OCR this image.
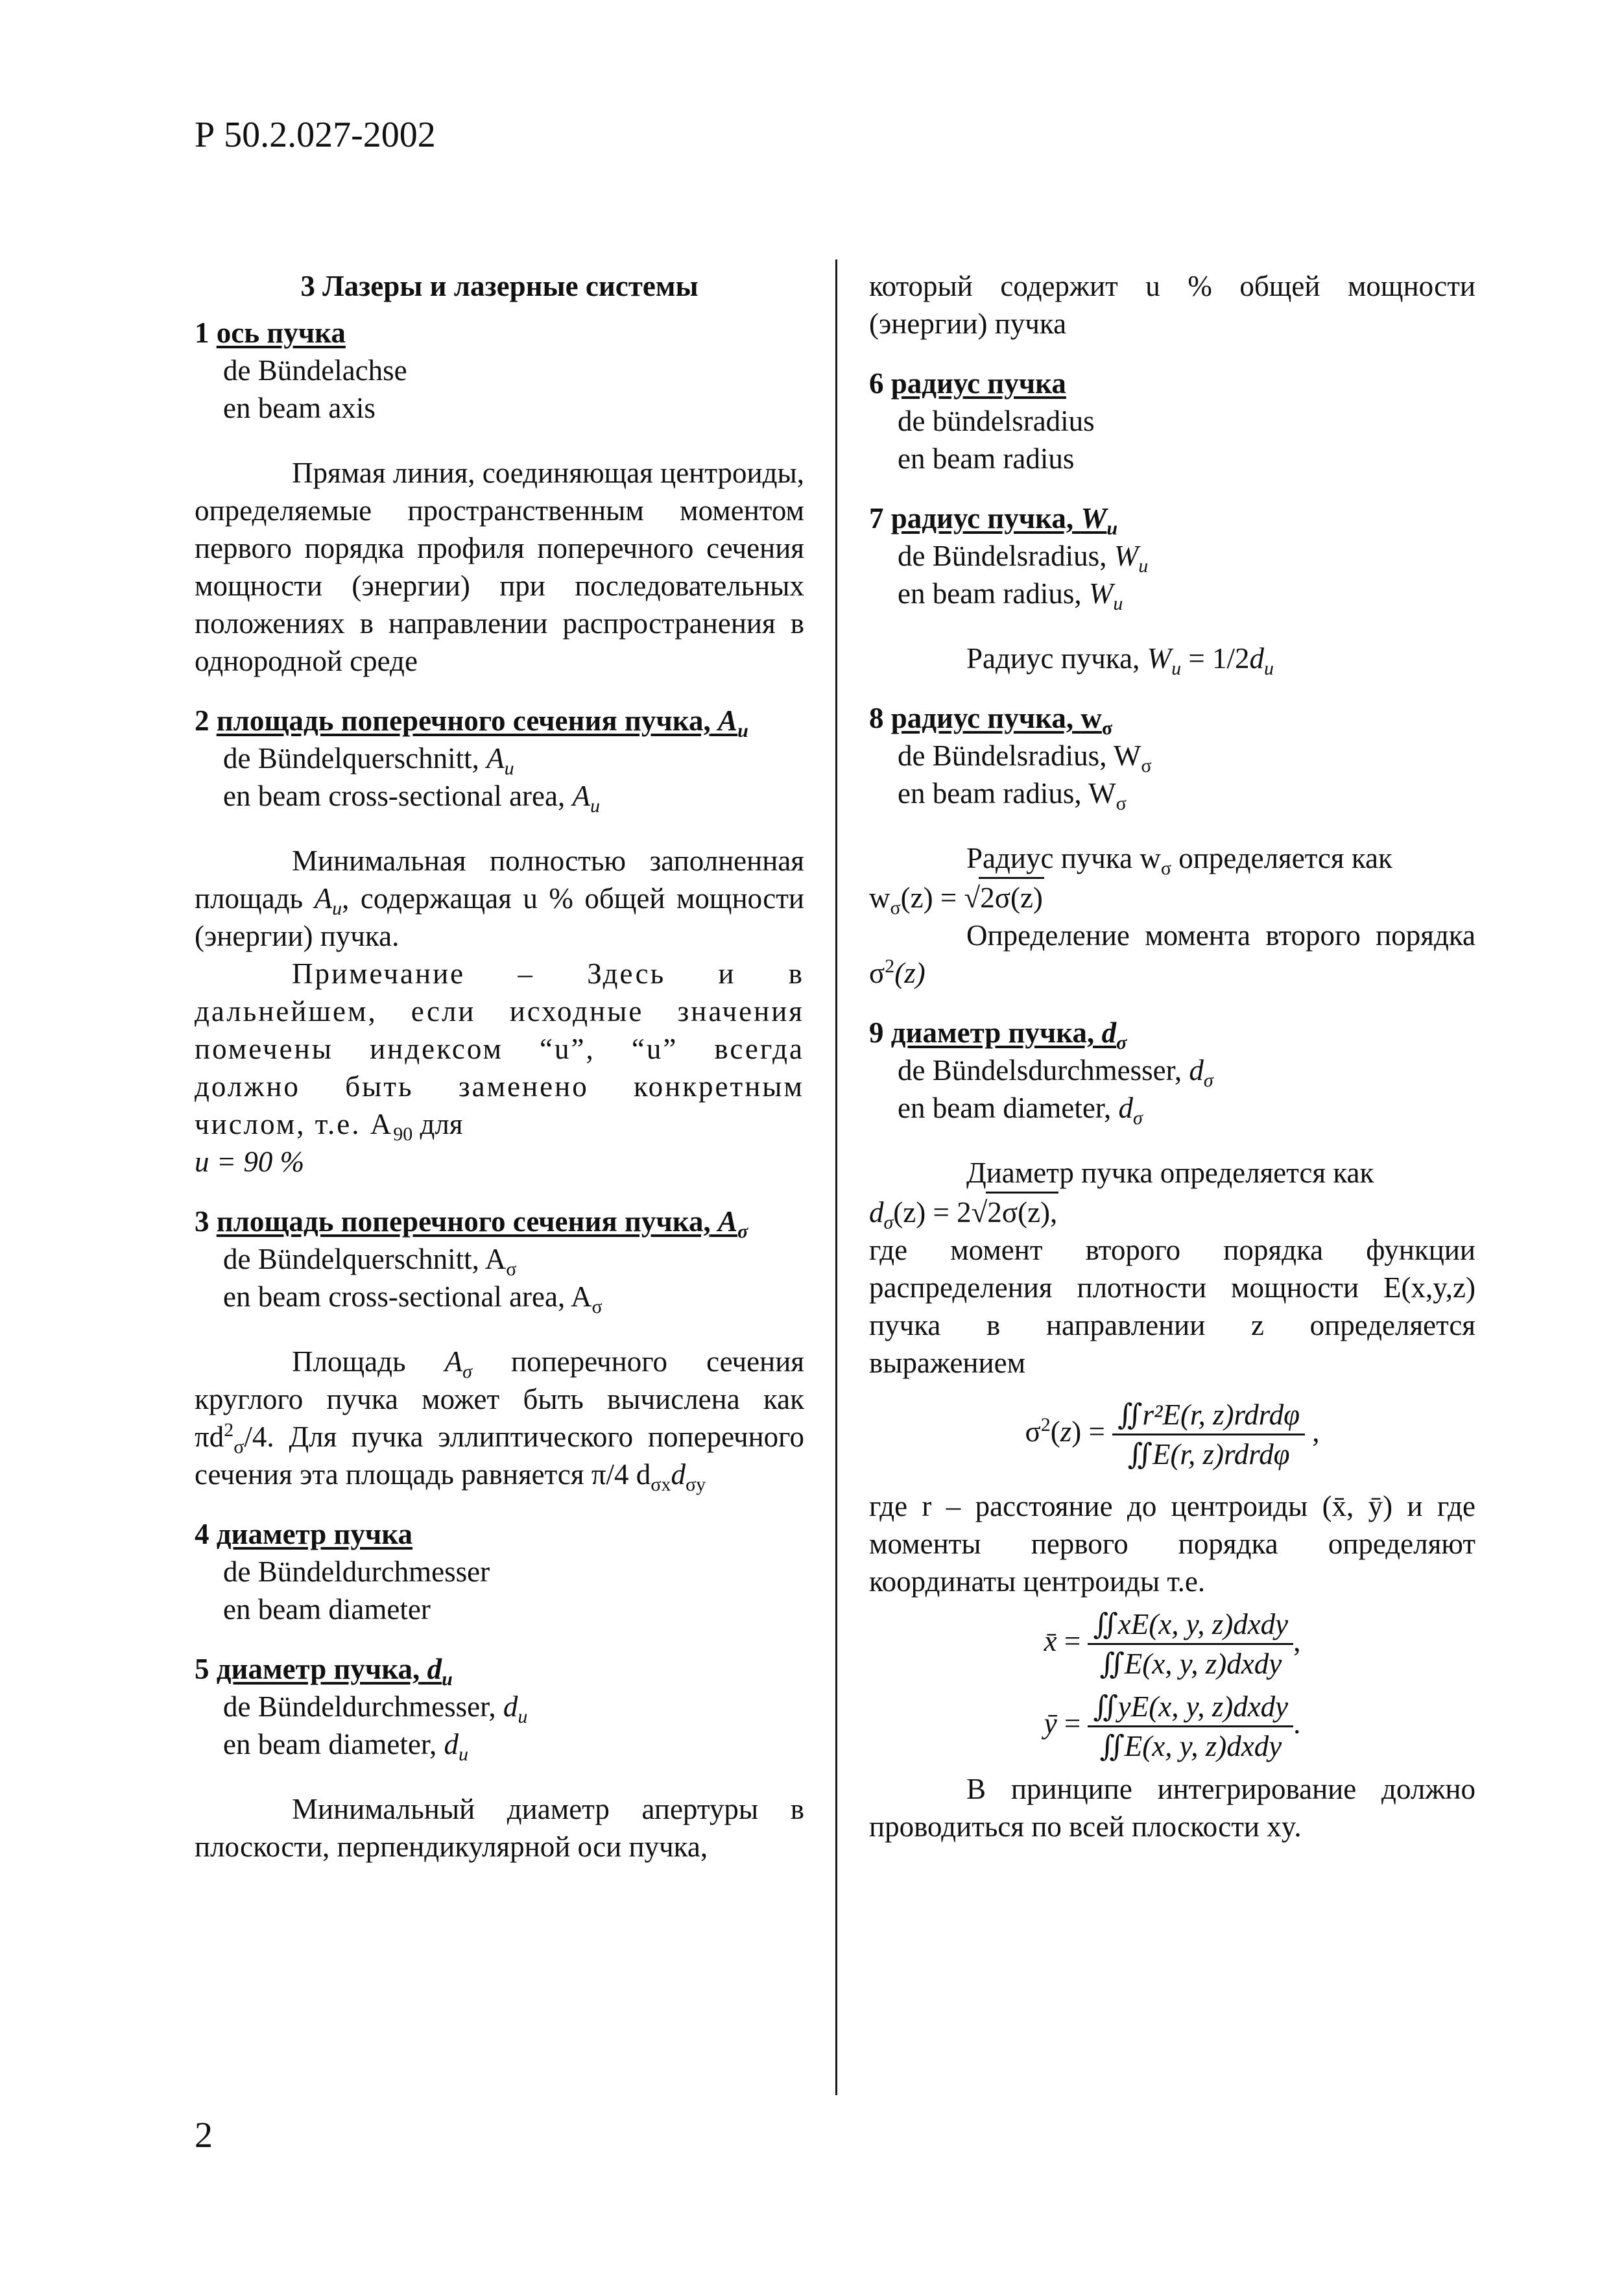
Р 50.2.027-2002
3 Лазеры и лазерные системы
1 ось пучка
de Bündelachse
en beam axis
Прямая линия, соединяющая центроиды, определяемые пространственным моментом первого порядка профиля поперечного сечения мощности (энергии) при последовательных положениях в направлении распространения в однородной среде
2 площадь поперечного сечения пучка, $A_u$
de Bündelquerschnitt, $A_u$
en beam cross-sectional area, $A_u$
Минимальная полностью заполненная площадь $A_u$, содержащая u % общей мощности (энергии) пучка.
Примечание – Здесь и в дальнейшем, если исходные значения помечены индексом “u”, “u” всегда должно быть заменено конкретным числом, т.е. $A_{90}$ для
u = 90 %
3 площадь поперечного сечения пучка, $A_\sigma$
de Bündelquerschnitt, $A_\sigma$
en beam cross-sectional area, $A_\sigma$
Площадь $A_\sigma$ поперечного сечения круглого пучка может быть вычислена как $\pi d^2_\sigma/4$. Для пучка эллиптического поперечного сечения эта площадь равняется π/4 $d_{\sigma x}d_{\sigma y}$
4 диаметр пучка
de Bündeldurchmesser
en beam diameter
5 диаметр пучка, $d_u$
de Bündeldurchmesser, $d_u$
en beam diameter, $d_u$
Минимальный диаметр апертуры в плоскости, перпендикулярной оси пучка,
который содержит u % общей мощности (энергии) пучка
6 радиус пучка
de bündelsradius
en beam radius
7 радиус пучка, $W_u$
de Bündelsradius, $W_u$
en beam radius, $W_u$
Радиус пучка, $W_u = 1/2d_u$
8 радиус пучка, $w_\sigma$
de Bündelsradius, $W_\sigma$
en beam radius, $W_\sigma$
Радиус пучка $w_\sigma$ определяется как
$w_\sigma(z) = √2\sigma(z)$
Определение момента второго порядка $\sigma^2(z)$
9 диаметр пучка, $d_\sigma$
de Bündelsdurchmesser, $d_\sigma$
en beam diameter, $d_\sigma$
Диаметр пучка определяется как
$d_\sigma(z) = 2√2\sigma(z)$,
где момент второго порядка функции распределения плотности мощности E(x,y,z) пучка в направлении z определяется выражением
$\sigma^2(z) = \frac{\text{∬r²E(r, z)rdrdφ}}{\text{∬E(r, z)rdrdφ}}$ ,
где r – расстояние до центроиды (x̄, ȳ) и где моменты первого порядка определяют координаты центроиды т.е.
x̄ = $\frac{\text{∬xE(x, y, z)dxdy}}{\text{∬E(x, y, z)dxdy}}$ ,
ȳ = $\frac{\text{∬yE(x, y, z)dxdy}}{\text{∬E(x, y, z)dxdy}}$ .
В принципе интегрирование должно проводиться по всей плоскости xy.
2
